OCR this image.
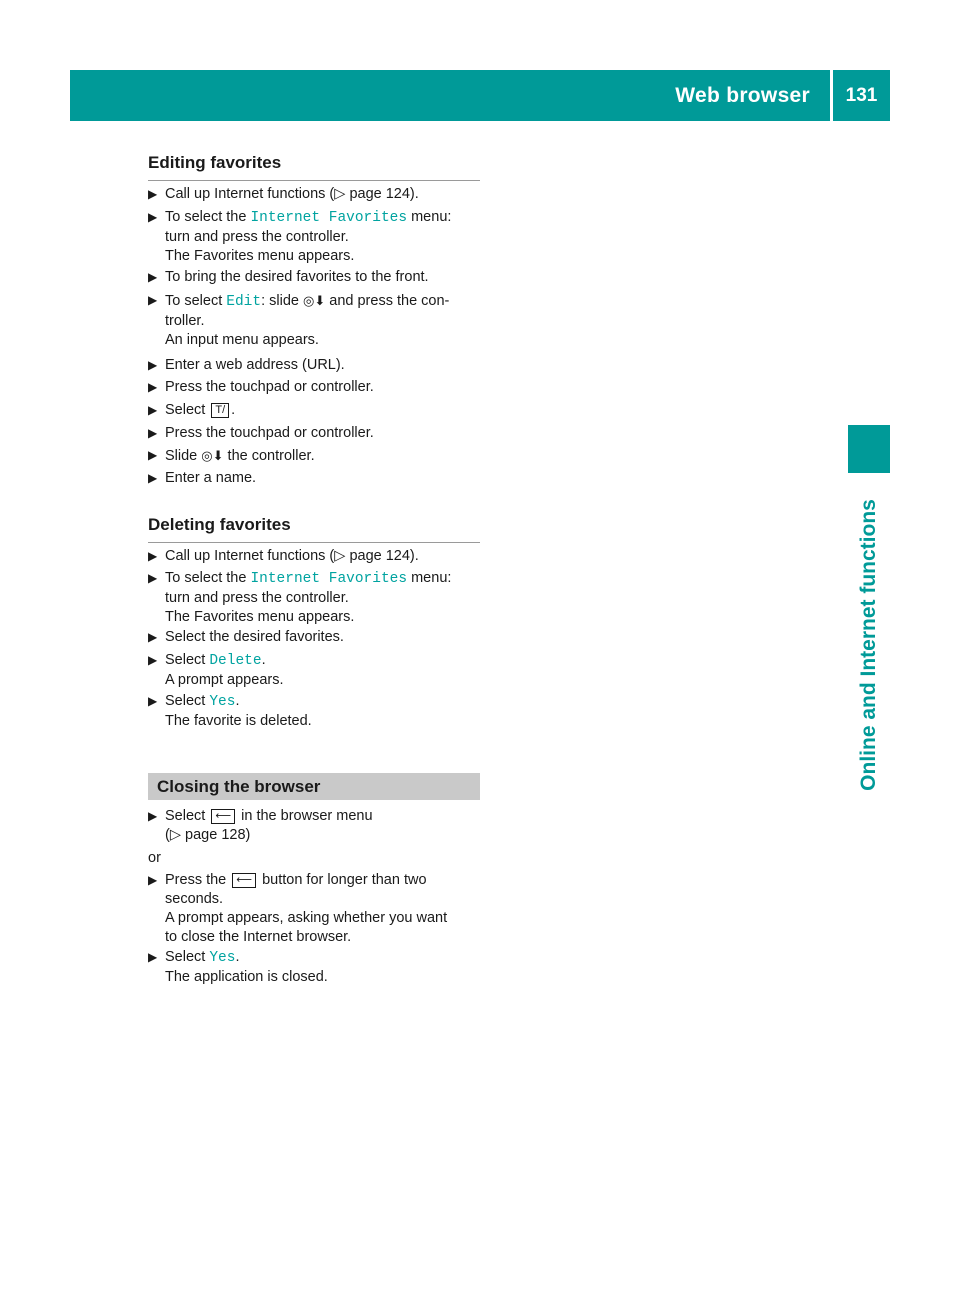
Web browser	131
Online and Internet functions
Editing favorites
▶ Call up Internet functions (▷ page 124).
▶ To select the Internet Favorites menu:
turn and press the controller.
The Favorites menu appears.
▶ To bring the desired favorites to the front.
▶ To select Edit: slide ◎⬇ and press the con-
troller.
An input menu appears.
▶ Enter a web address (URL).
▶ Press the touchpad or controller.
▶ Select T/ .
▶ Press the touchpad or controller.
▶ Slide ◎⬇ the controller.
▶ Enter a name.
Deleting favorites
▶ Call up Internet functions (▷ page 124).
▶ To select the Internet Favorites menu:
turn and press the controller.
The Favorites menu appears.
▶ Select the desired favorites.
▶ Select Delete.
A prompt appears.
▶ Select Yes.
The favorite is deleted.
Closing the browser
▶ Select ⟵ in the browser menu
(▷ page 128)
or
▶ Press the ⟵ button for longer than two
seconds.
A prompt appears, asking whether you want
to close the Internet browser.
▶ Select Yes.
The application is closed.
